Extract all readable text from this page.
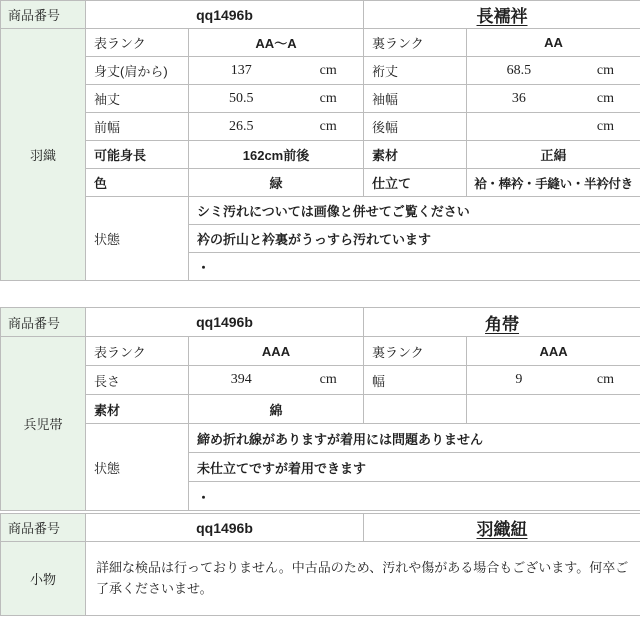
商品番号	qq1496b		長襦袢	
羽織	表ランク	AA〜A	裏ランク	AA
	身丈(肩から)	137 cm	裄丈	68.5 cm
	袖丈	50.5 cm	袖幅	36 cm
	前幅	26.5 cm	後幅	cm
	可能身長	162cm前後	素材	正絹
	色	緑	仕立て	袷・棒衿・手縫い・半衿付き
	状態	シミ汚れについては画像と併せてご覧ください		
		衿の折山と衿裏がうっすら汚れています		
		・		
商品番号	qq1496b		角帯	
兵児帯	表ランク	AAA	裏ランク	AAA
	長さ	394 cm	幅	9 cm
	素材	綿		
	状態	締め折れ線がありますが着用には問題ありません		
		未仕立てですが着用できます		
		・		
商品番号	qq1496b	羽織紐
小物	詳細な検品は行っておりません。中古品のため、汚れや傷がある場合もございます。何卒ご了承くださいませ。	
